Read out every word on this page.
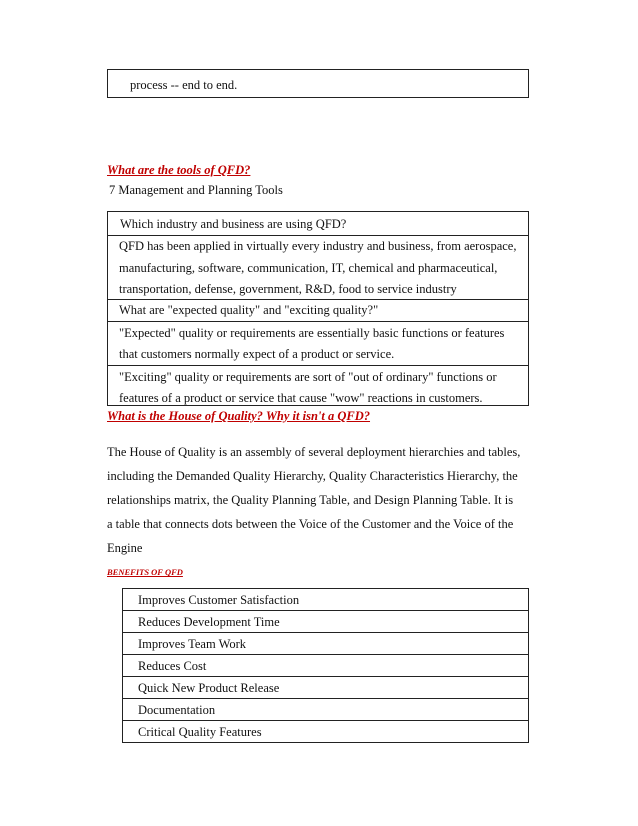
process -- end to end.
What are the tools of QFD?
7 Management and Planning Tools
Which industry and business are using QFD?
QFD has been applied in virtually every industry and business, from aerospace,
manufacturing, software, communication, IT, chemical and pharmaceutical,
transportation, defense, government, R&D, food to service industry
What are "expected quality" and "exciting quality?"
"Expected" quality or requirements are essentially basic functions or features
that customers normally expect of a product or service.
"Exciting" quality or requirements are sort of "out of ordinary" functions or
features of a product or service that cause "wow" reactions in customers.
What is the House of Quality? Why it isn't a QFD?
The House of Quality is an assembly of several deployment hierarchies and tables,
including the Demanded Quality Hierarchy, Quality Characteristics Hierarchy, the
relationships matrix, the Quality Planning Table, and Design Planning Table. It is
a table that connects dots between the Voice of the Customer and the Voice of the
Engine
BENEFITS OF QFD
Improves Customer Satisfaction
Reduces Development Time
Improves Team Work
Reduces Cost
Quick New Product Release
Documentation
Critical Quality Features
